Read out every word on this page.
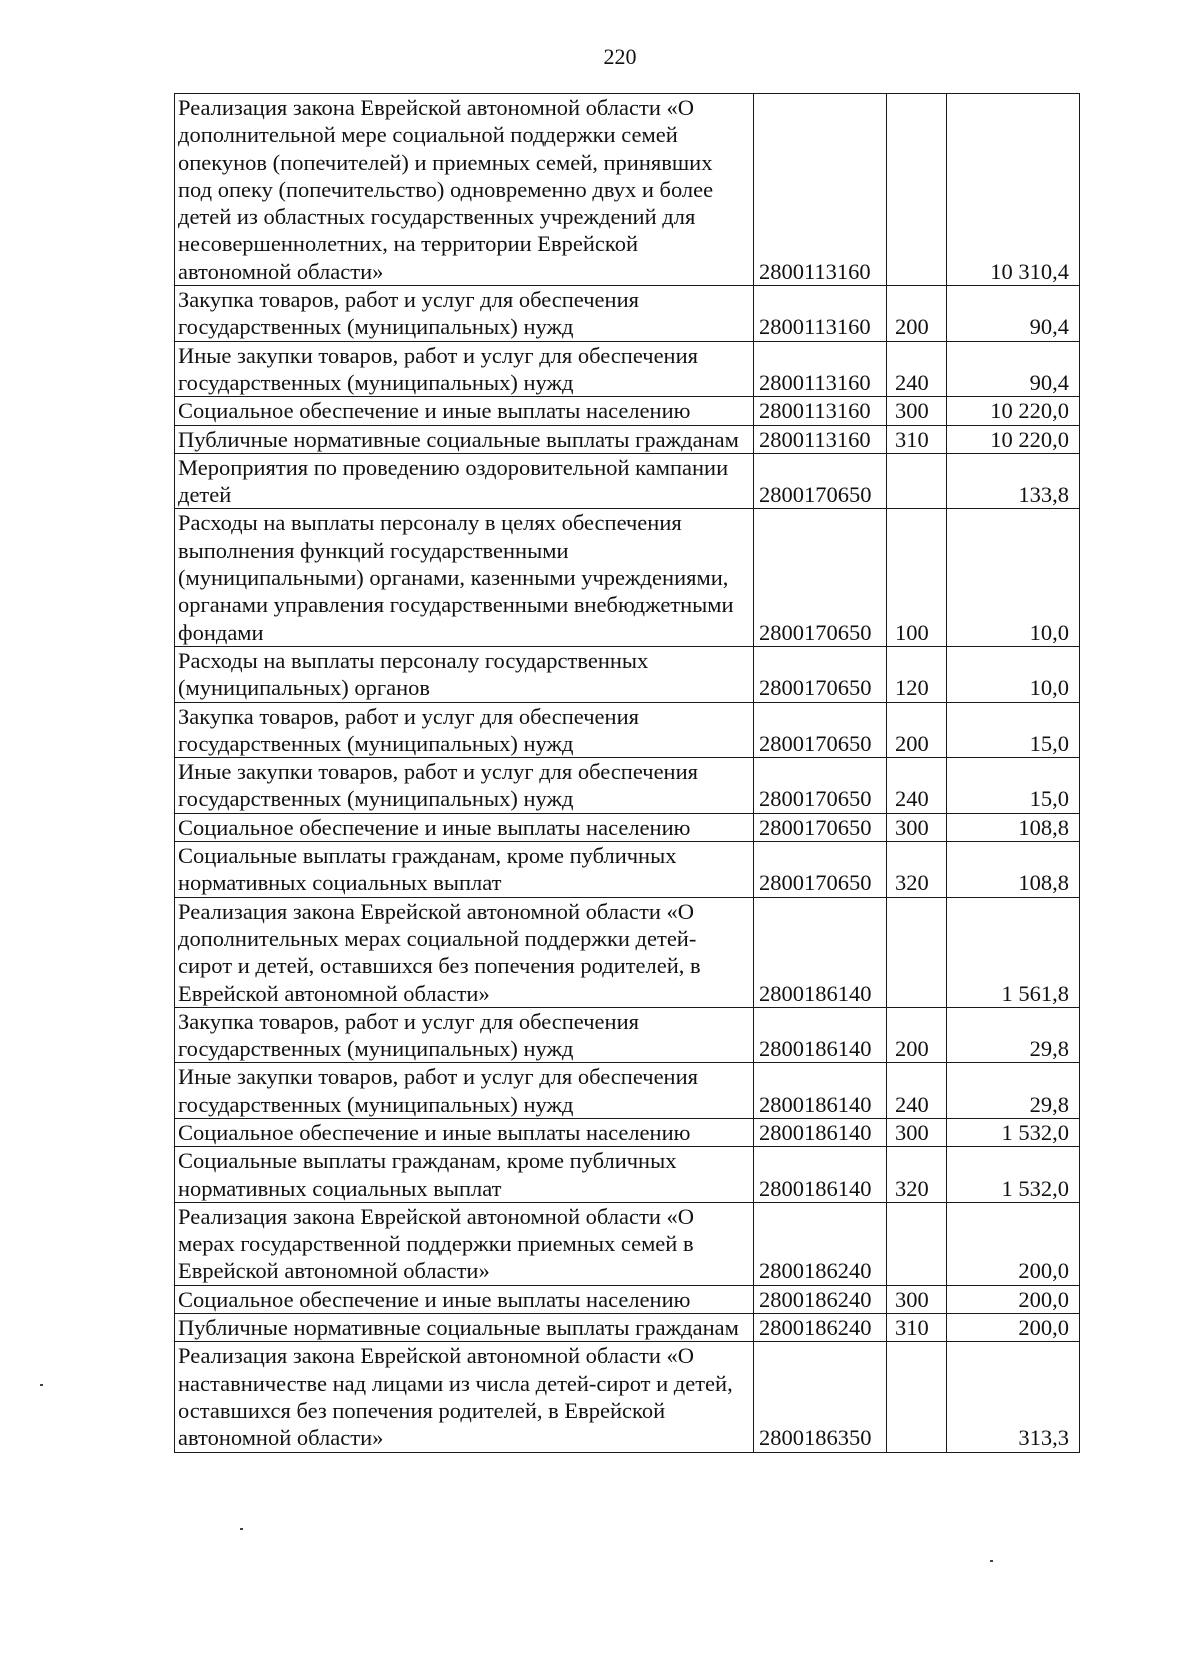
220
Реализация закона Еврейской автономной области «О дополнительной мере социальной поддержки семей опекунов (попечителей) и приемных семей, принявших под опеку (попечительство) одновременно двух и более детей из областных государственных учреждений для несовершеннолетних, на территории Еврейской автономной области»	2800113160		10 310,4
Закупка товаров, работ и услуг для обеспечения государственных (муниципальных) нужд	2800113160	200	90,4
Иные закупки товаров, работ и услуг для обеспечения государственных (муниципальных) нужд	2800113160	240	90,4
Социальное обеспечение и иные выплаты населению	2800113160	300	10 220,0
Публичные нормативные социальные выплаты гражданам	2800113160	310	10 220,0
Мероприятия по проведению оздоровительной кампании детей	2800170650		133,8
Расходы на выплаты персоналу в целях обеспечения выполнения функций государственными (муниципальными) органами, казенными учреждениями, органами управления государственными внебюджетными фондами	2800170650	100	10,0
Расходы на выплаты персоналу государственных (муниципальных) органов	2800170650	120	10,0
Закупка товаров, работ и услуг для обеспечения государственных (муниципальных) нужд	2800170650	200	15,0
Иные закупки товаров, работ и услуг для обеспечения государственных (муниципальных) нужд	2800170650	240	15,0
Социальное обеспечение и иные выплаты населению	2800170650	300	108,8
Социальные выплаты гражданам, кроме публичных нормативных социальных выплат	2800170650	320	108,8
Реализация закона Еврейской автономной области «О дополнительных мерах социальной поддержки детей-сирот и детей, оставшихся без попечения родителей, в Еврейской автономной области»	2800186140		1 561,8
Закупка товаров, работ и услуг для обеспечения государственных (муниципальных) нужд	2800186140	200	29,8
Иные закупки товаров, работ и услуг для обеспечения государственных (муниципальных) нужд	2800186140	240	29,8
Социальное обеспечение и иные выплаты населению	2800186140	300	1 532,0
Социальные выплаты гражданам, кроме публичных нормативных социальных выплат	2800186140	320	1 532,0
Реализация закона Еврейской автономной области «О мерах государственной поддержки приемных семей в Еврейской автономной области»	2800186240		200,0
Социальное обеспечение и иные выплаты населению	2800186240	300	200,0
Публичные нормативные социальные выплаты гражданам	2800186240	310	200,0
Реализация закона Еврейской автономной области «О наставничестве над лицами из числа детей-сирот и детей, оставшихся без попечения родителей, в Еврейской автономной области»	2800186350		313,3
